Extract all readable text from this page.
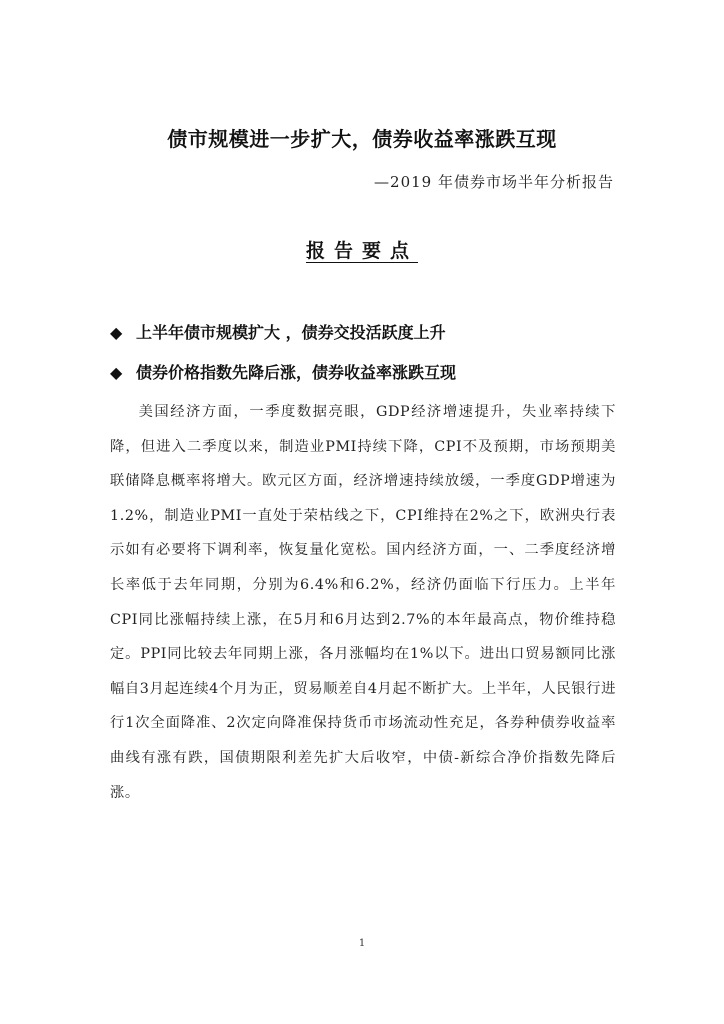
债市规模进一步扩大，债券收益率涨跌互现
—2019 年债券市场半年分析报告
报告要点
◆ 上半年债市规模扩大 ，债券交投活跃度上升
◆ 债券价格指数先降后涨，债券收益率涨跌互现
美国经济方面，一季度数据亮眼，GDP经济增速提升，失业率持续下降，但进入二季度以来，制造业PMI持续下降，CPI不及预期，市场预期美联储降息概率将增大。欧元区方面，经济增速持续放缓，一季度GDP增速为1.2%，制造业PMI一直处于荣枯线之下，CPI维持在2%之下，欧洲央行表示如有必要将下调利率，恢复量化宽松。国内经济方面，一、二季度经济增长率低于去年同期，分别为6.4%和6.2%，经济仍面临下行压力。上半年CPI同比涨幅持续上涨，在5月和6月达到2.7%的本年最高点，物价维持稳定。PPI同比较去年同期上涨，各月涨幅均在1%以下。进出口贸易额同比涨幅自3月起连续4个月为正，贸易顺差自4月起不断扩大。上半年，人民银行进行1次全面降准、2次定向降准保持货币市场流动性充足，各券种债券收益率曲线有涨有跌，国债期限利差先扩大后收窄，中债-新综合净价指数先降后涨。
1
